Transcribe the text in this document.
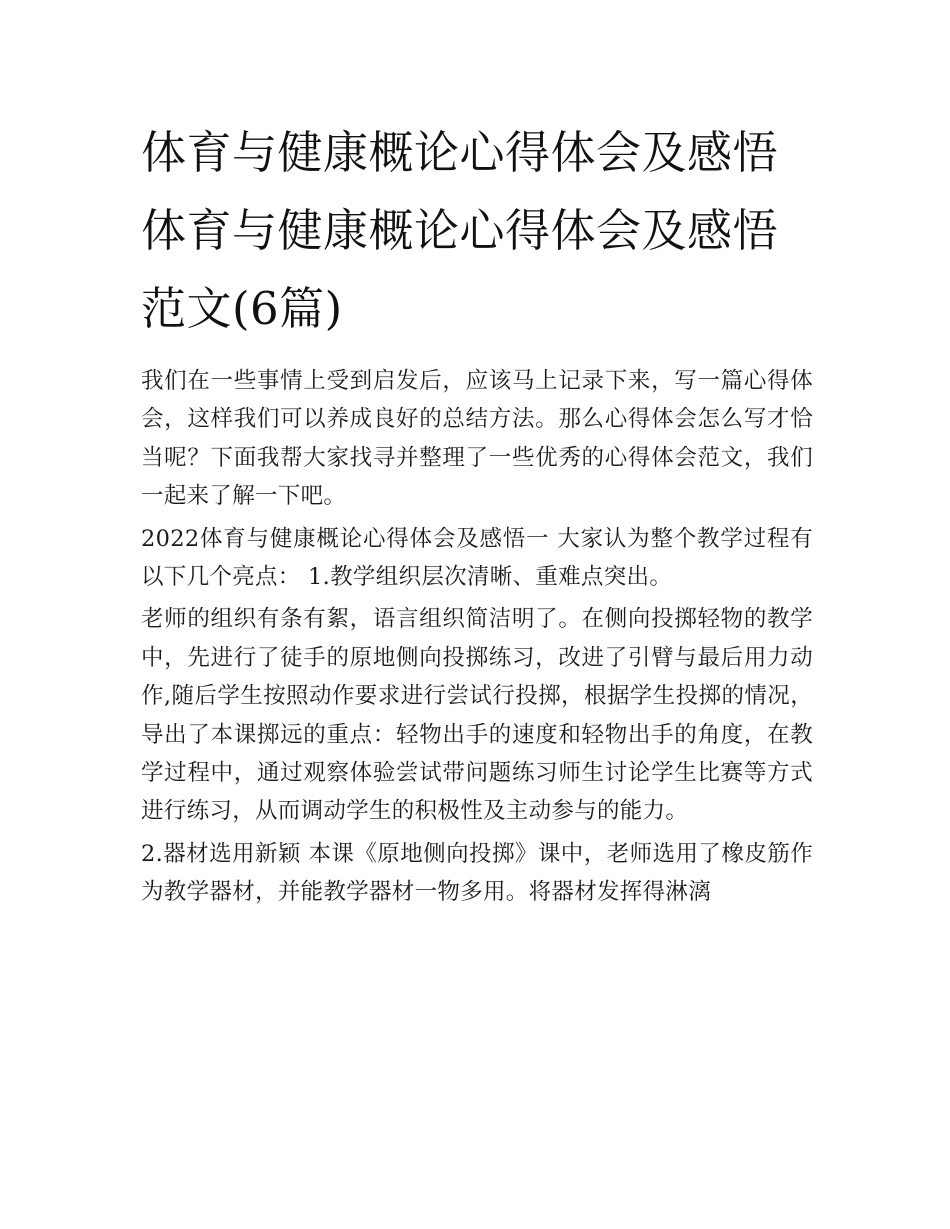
体育与健康概论心得体会及感悟 体育与健康概论心得体会及感悟范文(6篇)

我们在一些事情上受到启发后，应该马上记录下来，写一篇心得体会，这样我们可以养成良好的总结方法。那么心得体会怎么写才恰当呢？下面我帮大家找寻并整理了一些优秀的心得体会范文，我们一起来了解一下吧。

2022体育与健康概论心得体会及感悟一 大家认为整个教学过程有以下几个亮点： 1.教学组织层次清晰、重难点突出。

老师的组织有条有絮，语言组织简洁明了。在侧向投掷轻物的教学中，先进行了徒手的原地侧向投掷练习，改进了引臂与最后用力动作,随后学生按照动作要求进行尝试行投掷，根据学生投掷的情况，导出了本课掷远的重点：轻物出手的速度和轻物出手的角度，在教学过程中，通过观察体验尝试带问题练习师生讨论学生比赛等方式进行练习，从而调动学生的积极性及主动参与的能力。

2.器材选用新颖 本课《原地侧向投掷》课中，老师选用了橡皮筋作为教学器材，并能教学器材一物多用。将器材发挥得淋漓
